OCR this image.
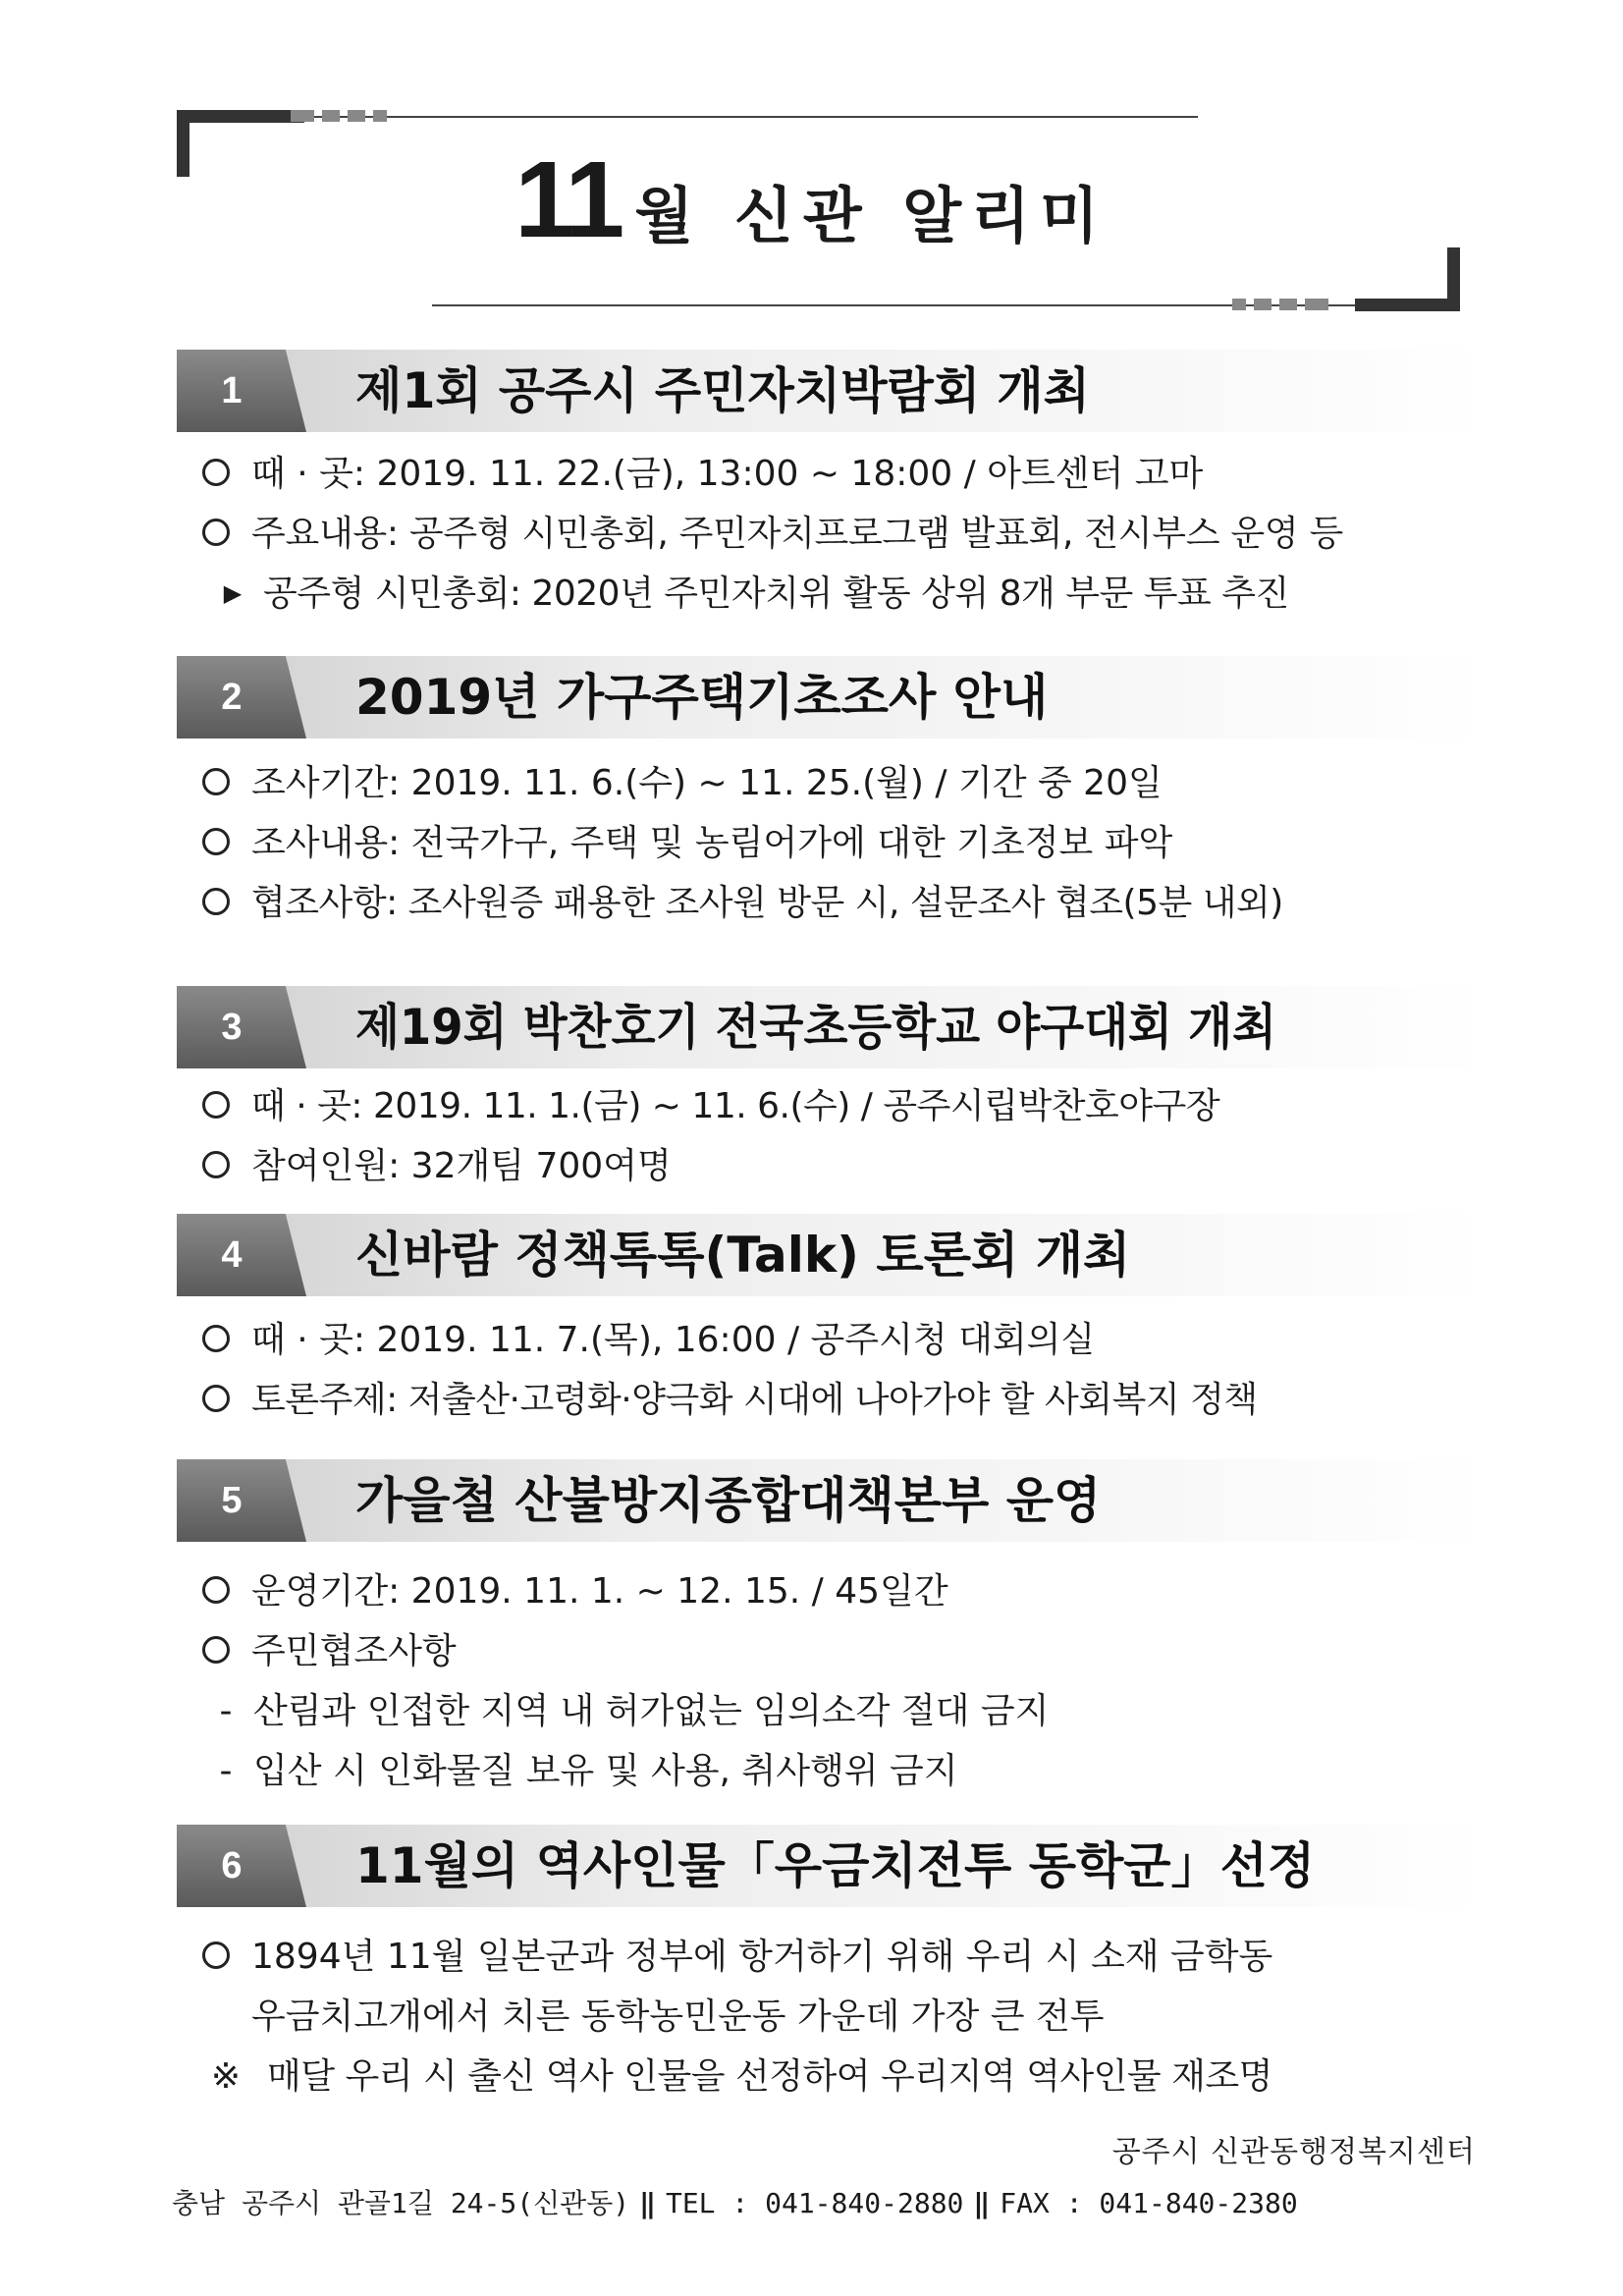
11 월 신관 알리미
1	제1회 공주시 주민자치박람회 개최
때 · 곳: 2019. 11. 22.(금), 13:00 ~ 18:00 / 아트센터 고마
주요내용: 공주형 시민총회, 주민자치프로그램 발표회, 전시부스 운영 등
▶ 공주형 시민총회: 2020년 주민자치위 활동 상위 8개 부문 투표 추진
2	2019년 가구주택기초조사 안내
조사기간: 2019. 11. 6.(수) ~ 11. 25.(월) / 기간 중 20일
조사내용: 전국가구, 주택 및 농림어가에 대한 기초정보 파악
협조사항: 조사원증 패용한 조사원 방문 시, 설문조사 협조(5분 내외)
3	제19회 박찬호기 전국초등학교 야구대회 개최
때 · 곳: 2019. 11. 1.(금) ~ 11. 6.(수) / 공주시립박찬호야구장
참여인원: 32개팀 700여명
4	신바람 정책톡톡(Talk) 토론회 개최
때 · 곳: 2019. 11. 7.(목), 16:00 / 공주시청 대회의실
토론주제: 저출산·고령화·양극화 시대에 나아가야 할 사회복지 정책
5	가을철 산불방지종합대책본부 운영
운영기간: 2019. 11. 1. ~ 12. 15. / 45일간
주민협조사항
- 산림과 인접한 지역 내 허가없는 임의소각 절대 금지
- 입산 시 인화물질 보유 및 사용, 취사행위 금지
6	11월의 역사인물「우금치전투 동학군」선정
1894년 11월 일본군과 정부에 항거하기 위해 우리 시 소재 금학동
우금치고개에서 치른 동학농민운동 가운데 가장 큰 전투
※ 매달 우리 시 출신 역사 인물을 선정하여 우리지역 역사인물 재조명
공주시 신관동행정복지센터
충남 공주시 관골1길 24-5(신관동) ‖ TEL : 041-840-2880 ‖ FAX : 041-840-2380
